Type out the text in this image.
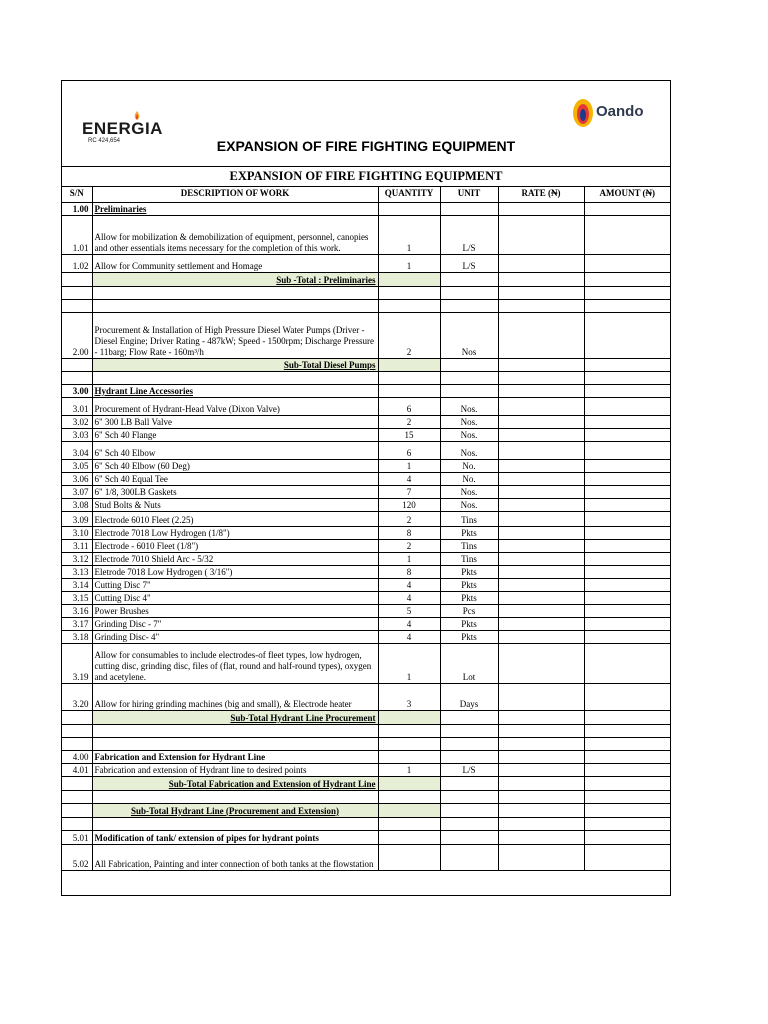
ENERGIA
RC 424,654
Oando
EXPANSION OF FIRE FIGHTING EQUIPMENT
EXPANSION OF FIRE FIGHTING EQUIPMENT
S/N	DESCRIPTION OF WORK	QUANTITY	UNIT	RATE (₦)	AMOUNT (₦)
1.00	Preliminaries				
1.01	Allow for mobilization & demobilization of equipment, personnel, canopies and other essentials items necessary for the completion of this work.	1	L/S		
1.02	Allow for Community settlement and Homage	1	L/S		
	Sub -Total : Preliminaries				

2.00	Procurement & Installation of High Pressure Diesel Water Pumps (Driver - Diesel Engine; Driver Rating - 487kW; Speed - 1500rpm; Discharge Pressure - 11barg; Flow Rate - 160m³/h	2	Nos		
	Sub-Total Diesel Pumps				

3.00	Hydrant Line Accessories				
3.01	Procurement of Hydrant-Head Valve (Dixon Valve)	6	Nos.		
3.02	6" 300 LB Ball Valve	2	Nos.		
3.03	6" Sch 40 Flange	15	Nos.		
3.04	6" Sch 40 Elbow	6	Nos.		
3.05	6" Sch 40 Elbow (60 Deg)	1	No.		
3.06	6" Sch 40 Equal Tee	4	No.		
3.07	6" 1/8, 300LB Gaskets	7	Nos.		
3.08	Stud Bolts & Nuts	120	Nos.		
3.09	Electrode 6010 Fleet (2.25)	2	Tins		
3.10	Electrode 7018 Low Hydrogen (1/8")	8	Pkts		
3.11	Electrode - 6010 Fleet (1/8")	2	Tins		
3.12	Electrode 7010 Shield Arc - 5/32	1	Tins		
3.13	Eletrode 7018 Low Hydrogen ( 3/16")	8	Pkts		
3.14	Cutting Disc 7"	4	Pkts		
3.15	Cutting Disc 4"	4	Pkts		
3.16	Power Brushes	5	Pcs		
3.17	Grinding Disc - 7"	4	Pkts		
3.18	Grinding Disc- 4"	4	Pkts		
3.19	Allow for consumables to include electrodes-of fleet types, low hydrogen, cutting disc, grinding disc, files of (flat, round and half-round types), oxygen and acetylene.	1	Lot		
3.20	Allow for hiring grinding machines (big and small), & Electrode heater	3	Days		
	Sub-Total Hydrant Line Procurement				

4.00	Fabrication and Extension for Hydrant Line				
4.01	Fabrication and extension of Hydrant line to desired points	1	L/S		
	Sub-Total Fabrication and Extension of Hydrant Line				

	Sub-Total Hydrant Line (Procurement and Extension)				

5.01	Modification of tank/ extension of pipes for hydrant points				
5.02	All Fabrication, Painting and inter connection of both tanks at the flowstation				
